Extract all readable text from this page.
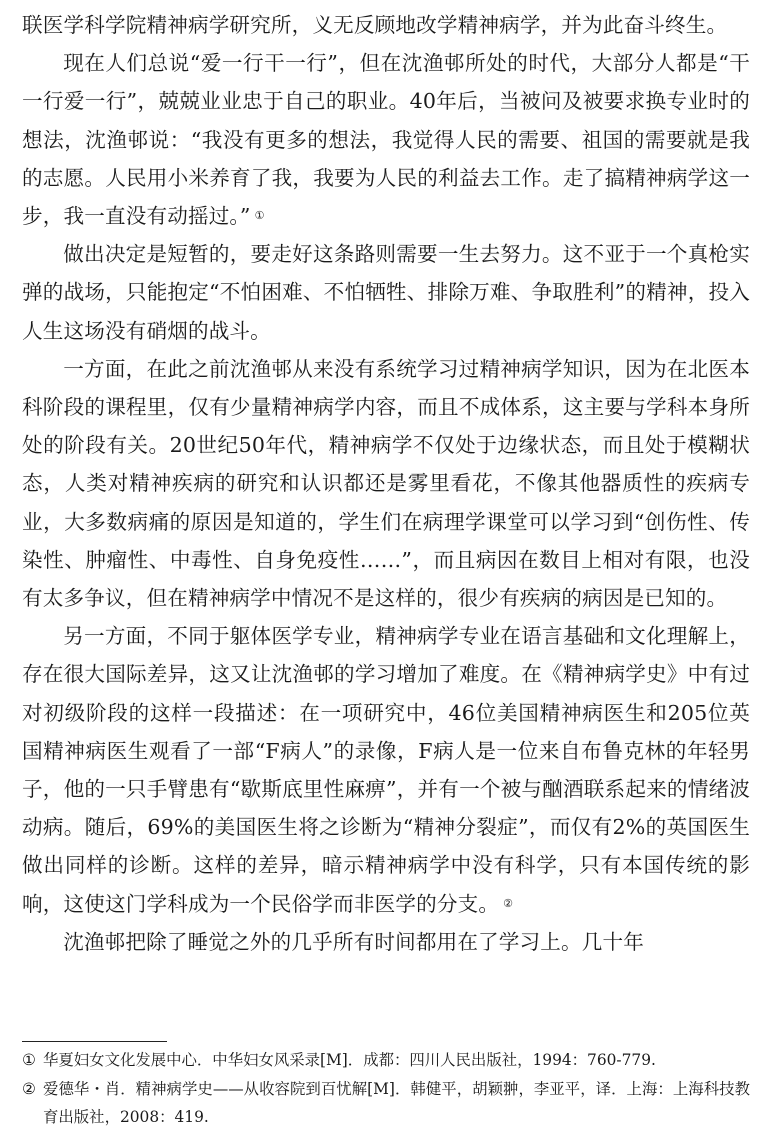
联医学科学院精神病学研究所，义无反顾地改学精神病学，并为此奋斗终生。

现在人们总说“爱一行干一行”，但在沈渔邨所处的时代，大部分人都是“干一行爱一行”，兢兢业业忠于自己的职业。40年后，当被问及被要求换专业时的想法，沈渔邨说：“我没有更多的想法，我觉得人民的需要、祖国的需要就是我的志愿。人民用小米养育了我，我要为人民的利益去工作。走了搞精神病学这一步，我一直没有动摇过。” ①

做出决定是短暂的，要走好这条路则需要一生去努力。这不亚于一个真枪实弹的战场，只能抱定“不怕困难、不怕牺牲、排除万难、争取胜利”的精神，投入人生这场没有硝烟的战斗。

一方面，在此之前沈渔邨从来没有系统学习过精神病学知识，因为在北医本科阶段的课程里，仅有少量精神病学内容，而且不成体系，这主要与学科本身所处的阶段有关。20世纪50年代，精神病学不仅处于边缘状态，而且处于模糊状态，人类对精神疾病的研究和认识都还是雾里看花，不像其他器质性的疾病专业，大多数病痛的原因是知道的，学生们在病理学课堂可以学习到“创伤性、传染性、肿瘤性、中毒性、自身免疫性……”，而且病因在数目上相对有限，也没有太多争议，但在精神病学中情况不是这样的，很少有疾病的病因是已知的。

另一方面，不同于躯体医学专业，精神病学专业在语言基础和文化理解上，存在很大国际差异，这又让沈渔邨的学习增加了难度。在《精神病学史》中有过对初级阶段的这样一段描述：在一项研究中，46位美国精神病医生和205位英国精神病医生观看了一部“F病人”的录像，F病人是一位来自布鲁克林的年轻男子，他的一只手臂患有“歇斯底里性麻痹”，并有一个被与酗酒联系起来的情绪波动病。随后，69%的美国医生将之诊断为“精神分裂症”，而仅有2%的英国医生做出同样的诊断。这样的差异，暗示精神病学中没有科学，只有本国传统的影响，这使这门学科成为一个民俗学而非医学的分支。 ②

沈渔邨把除了睡觉之外的几乎所有时间都用在了学习上。几十年

① 华夏妇女文化发展中心．中华妇女风采录[M]．成都：四川人民出版社，1994：760-779.
② 爱德华・肖．精神病学史——从收容院到百忧解[M]．韩健平，胡颖翀，李亚平，译．上海：上海科技教育出版社，2008：419.
